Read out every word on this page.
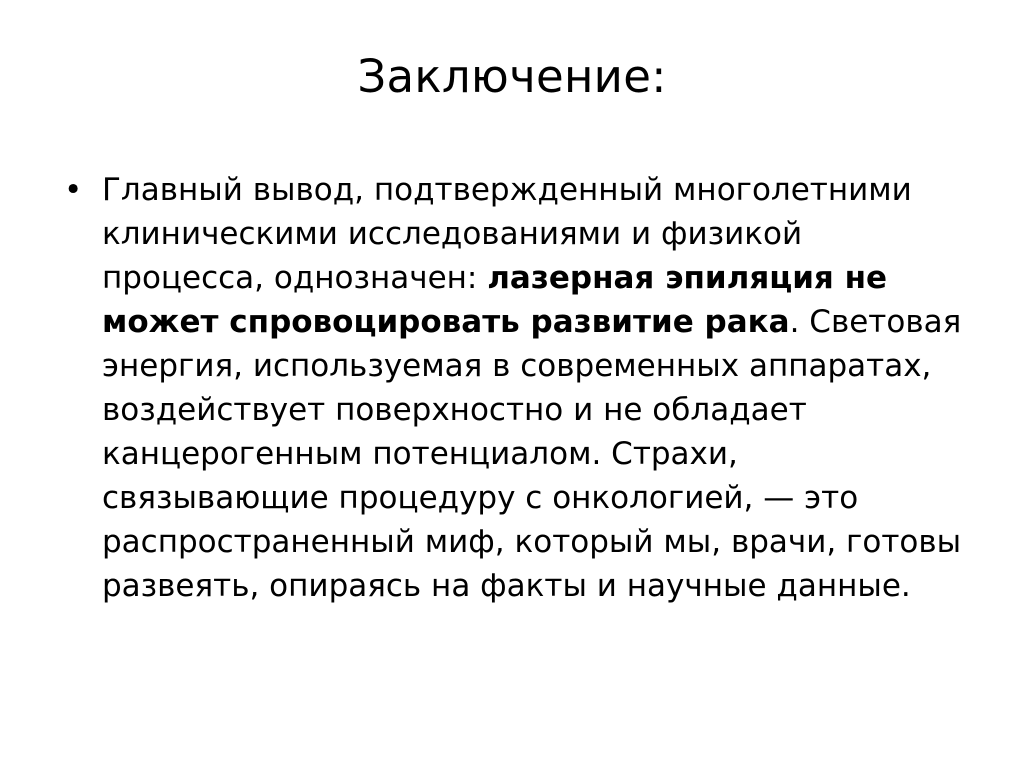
Заключение:
• Главный вывод, подтвержденный многолетними клиническими исследованиями и физикой процесса, однозначен: лазерная эпиляция не может спровоцировать развитие рака. Световая энергия, используемая в современных аппаратах, воздействует поверхностно и не обладает канцерогенным потенциалом. Страхи, связывающие процедуру с онкологией, — это распространенный миф, который мы, врачи, готовы развеять, опираясь на факты и научные данные.
